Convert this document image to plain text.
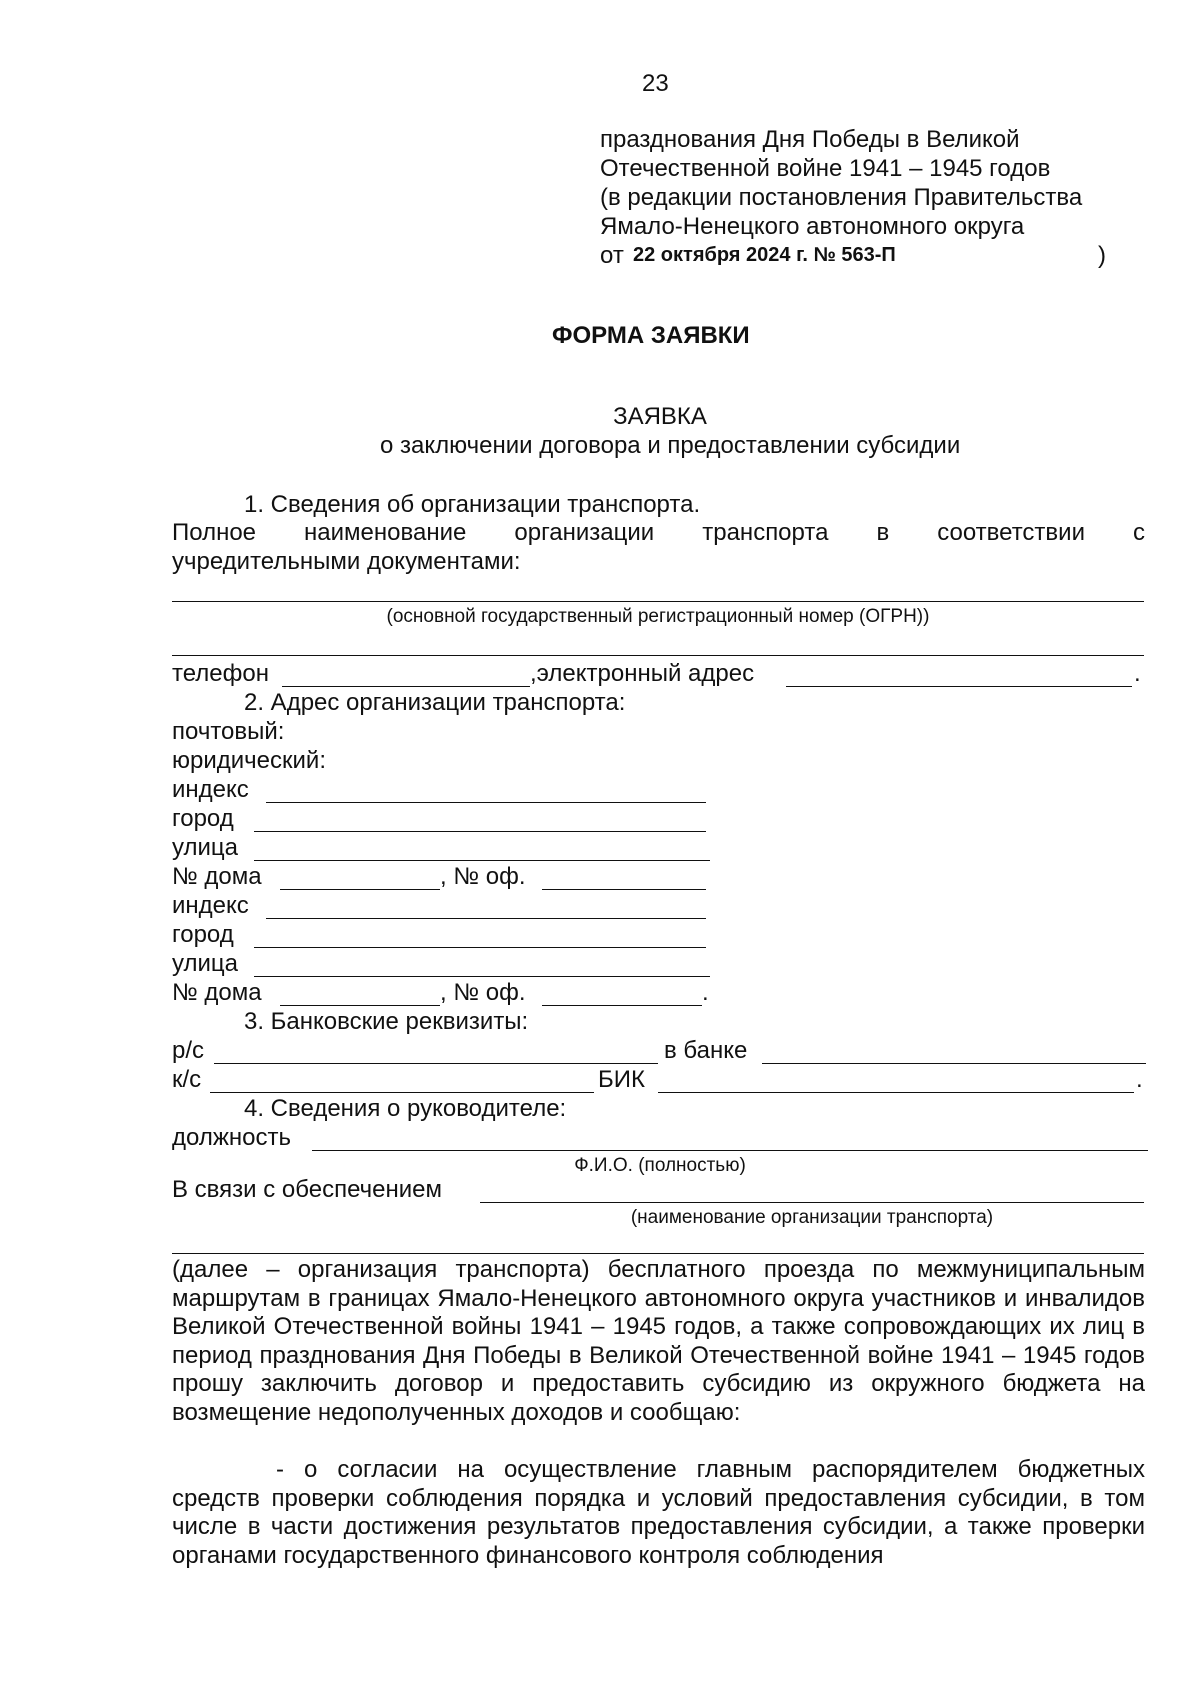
23
празднования Дня Победы в Великой
Отечественной войне 1941 – 1945 годов
(в редакции постановления Правительства
Ямало-Ненецкого автономного округа
от 22 октября 2024 г. № 563-П	)
ФОРМА ЗАЯВКИ
ЗАЯВКА
о заключении договора и предоставлении субсидии
1. Сведения об организации транспорта.
Полное наименование организации транспорта в соответствии с
учредительными документами:
(основной государственный регистрационный номер (ОГРН))
телефон	,электронный адрес	.
2. Адрес организации транспорта:
почтовый:
юридический:
индекс
город
улица
№ дома	, № оф.
индекс
город
улица
№ дома	, № оф.	.
3. Банковские реквизиты:
р/с	в банке
к/с	БИК	.
4. Сведения о руководителе:
должность
Ф.И.О. (полностью)
В связи с обеспечением
(наименование организации транспорта)
(далее – организация транспорта) бесплатного проезда по межмуниципальным маршрутам в границах Ямало-Ненецкого автономного округа участников и инвалидов Великой Отечественной войны 1941 – 1945 годов, а также сопровождающих их лиц в период празднования Дня Победы в Великой Отечественной войне 1941 – 1945 годов прошу заключить договор и предоставить субсидию из окружного бюджета на возмещение недополученных доходов и сообщаю:
- о согласии на осуществление главным распорядителем бюджетных средств проверки соблюдения порядка и условий предоставления субсидии, в том числе в части достижения результатов предоставления субсидии, а также проверки органами государственного финансового контроля соблюдения
